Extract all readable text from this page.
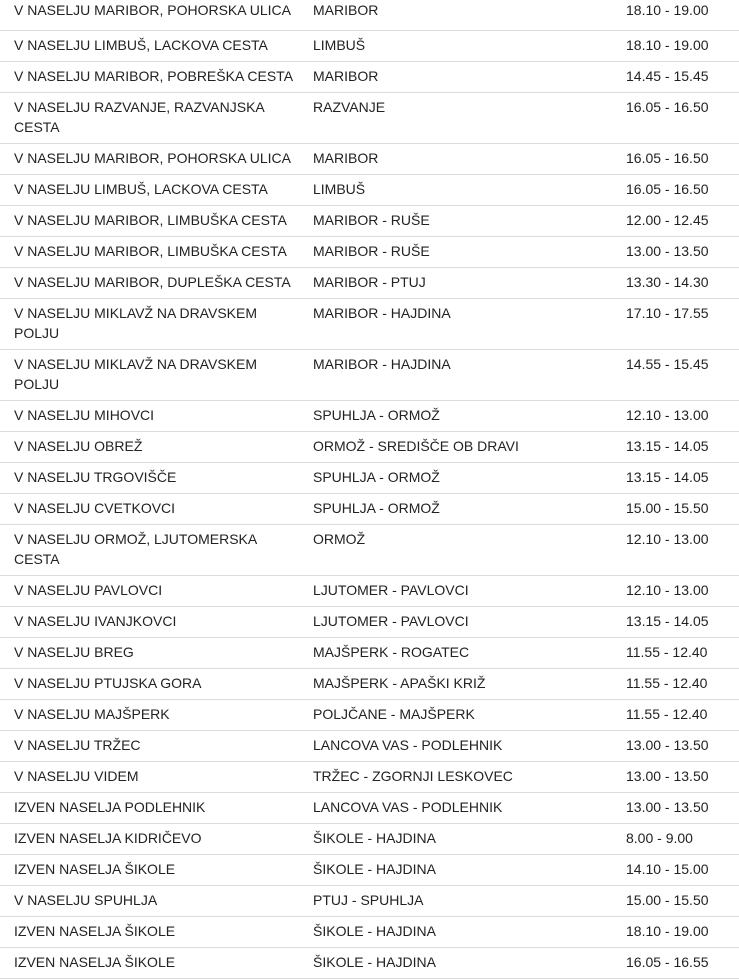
V NASELJU MARIBOR, POHORSKA ULICA	MARIBOR	18.10 - 19.00

V NASELJU LIMBUŠ, LACKOVA CESTA	LIMBUŠ	18.10 - 19.00

V NASELJU MARIBOR, POBREŠKA CESTA	MARIBOR	14.45 - 15.45

V NASELJU RAZVANJE, RAZVANJSKA CESTA	RAZVANJE	16.05 - 16.50

V NASELJU MARIBOR, POHORSKA ULICA	MARIBOR	16.05 - 16.50

V NASELJU LIMBUŠ, LACKOVA CESTA	LIMBUŠ	16.05 - 16.50

V NASELJU MARIBOR, LIMBUŠKA CESTA	MARIBOR - RUŠE	12.00 - 12.45

V NASELJU MARIBOR, LIMBUŠKA CESTA	MARIBOR - RUŠE	13.00 - 13.50

V NASELJU MARIBOR, DUPLEŠKA CESTA	MARIBOR - PTUJ	13.30 - 14.30

V NASELJU MIKLAVŽ NA DRAVSKEM POLJU	MARIBOR - HAJDINA	17.10 - 17.55

V NASELJU MIKLAVŽ NA DRAVSKEM POLJU	MARIBOR - HAJDINA	14.55 - 15.45

V NASELJU MIHOVCI	SPUHLJA - ORMOŽ	12.10 - 13.00

V NASELJU OBREŽ	ORMOŽ - SREDIŠČE OB DRAVI	13.15 - 14.05

V NASELJU TRGOVIŠČE	SPUHLJA - ORMOŽ	13.15 - 14.05

V NASELJU CVETKOVCI	SPUHLJA - ORMOŽ	15.00 - 15.50

V NASELJU ORMOŽ, LJUTOMERSKA CESTA	ORMOŽ	12.10 - 13.00

V NASELJU PAVLOVCI	LJUTOMER - PAVLOVCI	12.10 - 13.00

V NASELJU IVANJKOVCI	LJUTOMER - PAVLOVCI	13.15 - 14.05

V NASELJU BREG	MAJŠPERK - ROGATEC	11.55 - 12.40

V NASELJU PTUJSKA GORA	MAJŠPERK - APAŠKI KRIŽ	11.55 - 12.40

V NASELJU MAJŠPERK	POLJČANE - MAJŠPERK	11.55 - 12.40

V NASELJU TRŽEC	LANCOVA VAS - PODLEHNIK	13.00 - 13.50

V NASELJU VIDEM	TRŽEC - ZGORNJI LESKOVEC	13.00 - 13.50

IZVEN NASELJA PODLEHNIK	LANCOVA VAS - PODLEHNIK	13.00 - 13.50

IZVEN NASELJA KIDRIČEVO	ŠIKOLE - HAJDINA	8.00 - 9.00

IZVEN NASELJA ŠIKOLE	ŠIKOLE - HAJDINA	14.10 - 15.00

V NASELJU SPUHLJA	PTUJ - SPUHLJA	15.00 - 15.50

IZVEN NASELJA ŠIKOLE	ŠIKOLE - HAJDINA	18.10 - 19.00

IZVEN NASELJA ŠIKOLE	ŠIKOLE - HAJDINA	16.05 - 16.55
